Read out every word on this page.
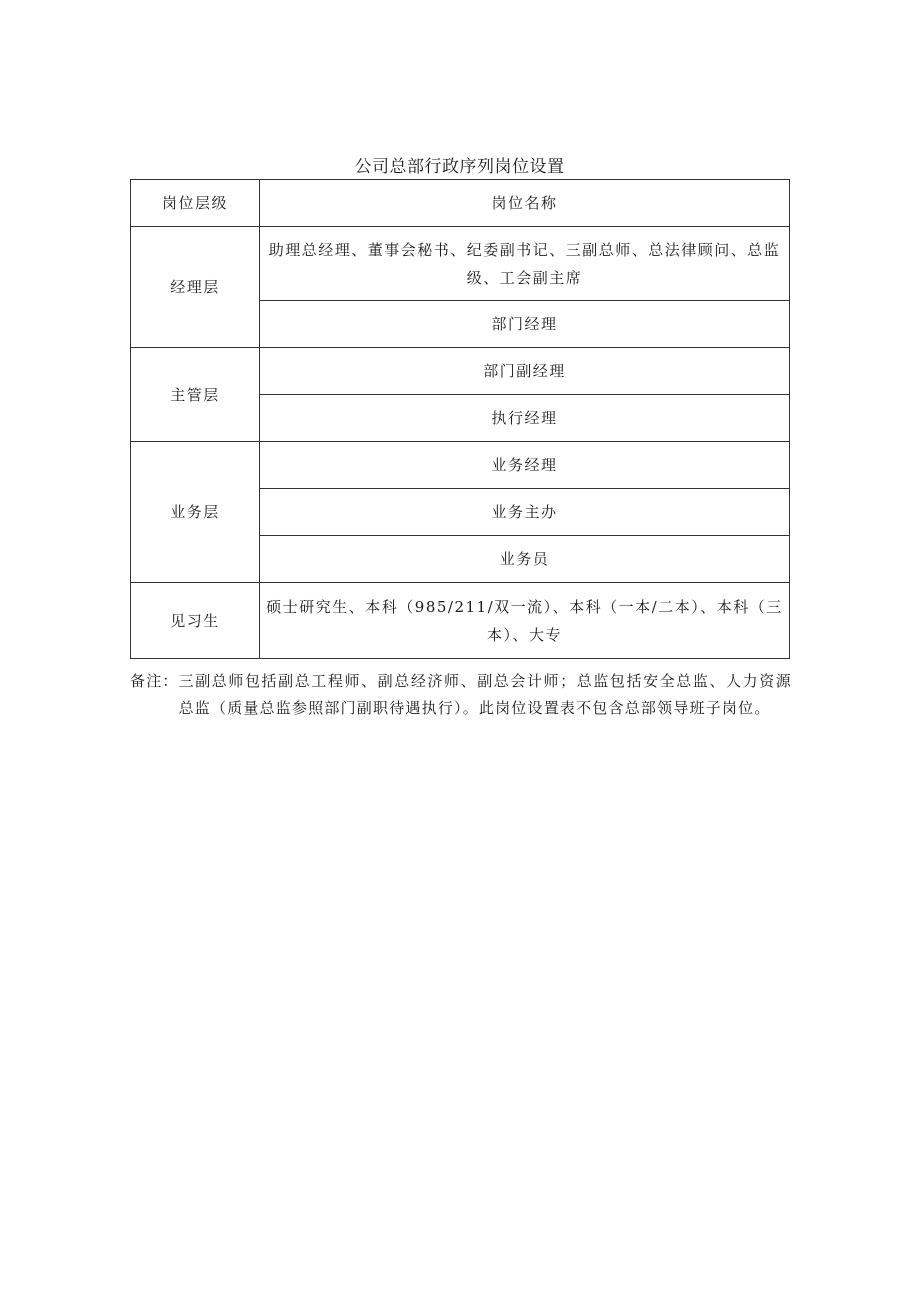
公司总部行政序列岗位设置
岗位层级	岗位名称
经理层	助理总经理、董事会秘书、纪委副书记、三副总师、总法律顾问、总监级、工会副主席
	部门经理
主管层	部门副经理
	执行经理
业务层	业务经理
	业务主办
	业务员
见习生	硕士研究生、本科（985/211/双一流）、本科（一本/二本）、本科（三本）、大专
备注： 三副总师包括副总工程师、副总经济师、副总会计师；总监包括安全总监、人力资源总监（质量总监参照部门副职待遇执行）。此岗位设置表不包含总部领导班子岗位。
